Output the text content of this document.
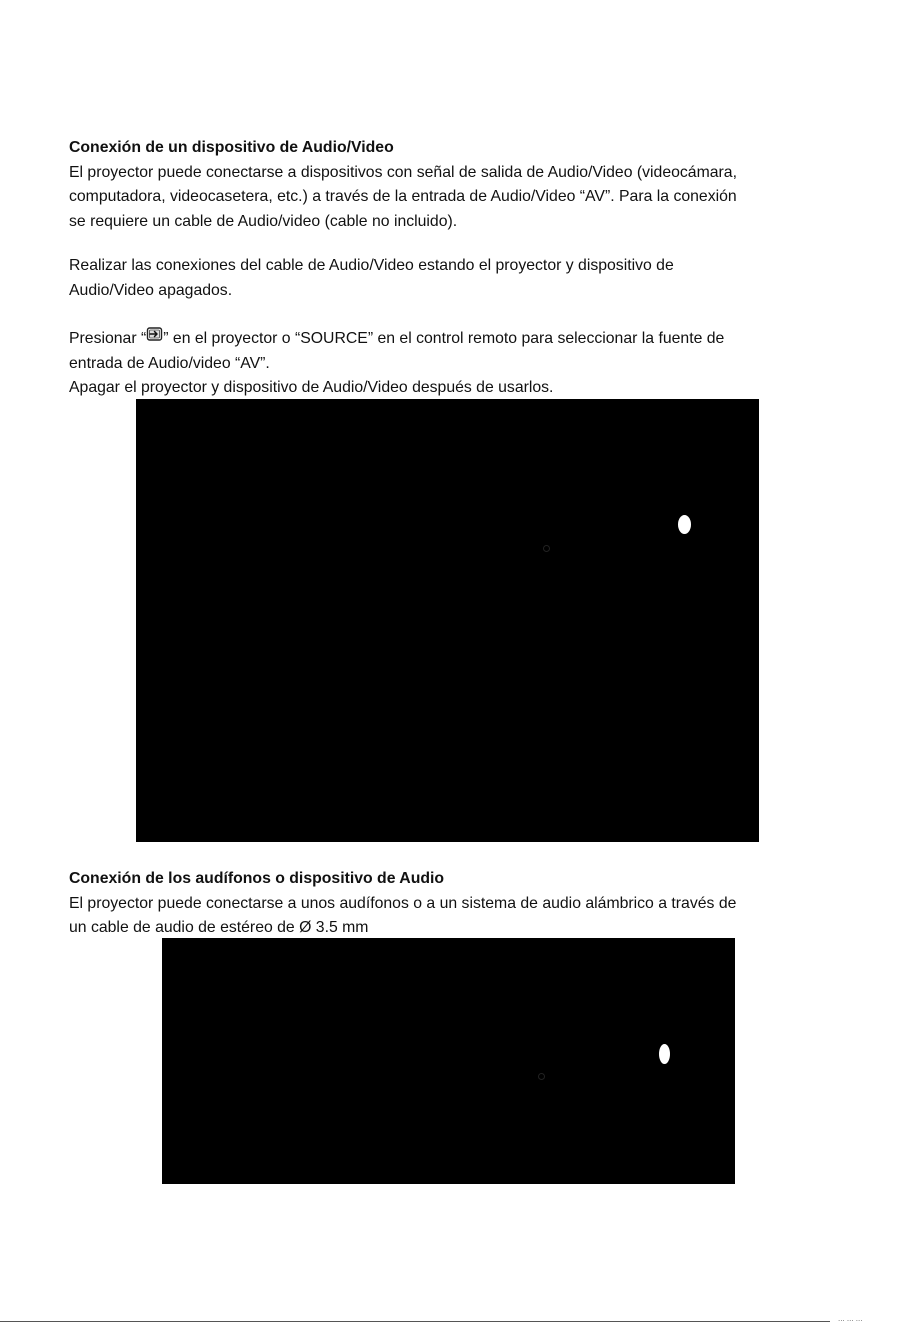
Conexión de un dispositivo de Audio/Video
El proyector puede conectarse a dispositivos con señal de salida de Audio/Video (videocámara,
computadora, videocasetera, etc.) a través de la entrada de Audio/Video “AV”. Para la conexión
se requiere un cable de Audio/video (cable no incluido).
Realizar las conexiones del cable de Audio/Video estando el proyector y dispositivo de
Audio/Video apagados.
Presionar “ ” en el proyector o “SOURCE” en el control remoto para seleccionar la fuente de
entrada de Audio/video “AV”.
Apagar el proyector y dispositivo de Audio/Video después de usarlos.
Conexión de los audífonos o dispositivo de Audio
El proyector puede conectarse a unos audífonos o a un sistema de audio alámbrico a través de
un cable de audio de estéreo de Ø 3.5 mm
... ... ...
